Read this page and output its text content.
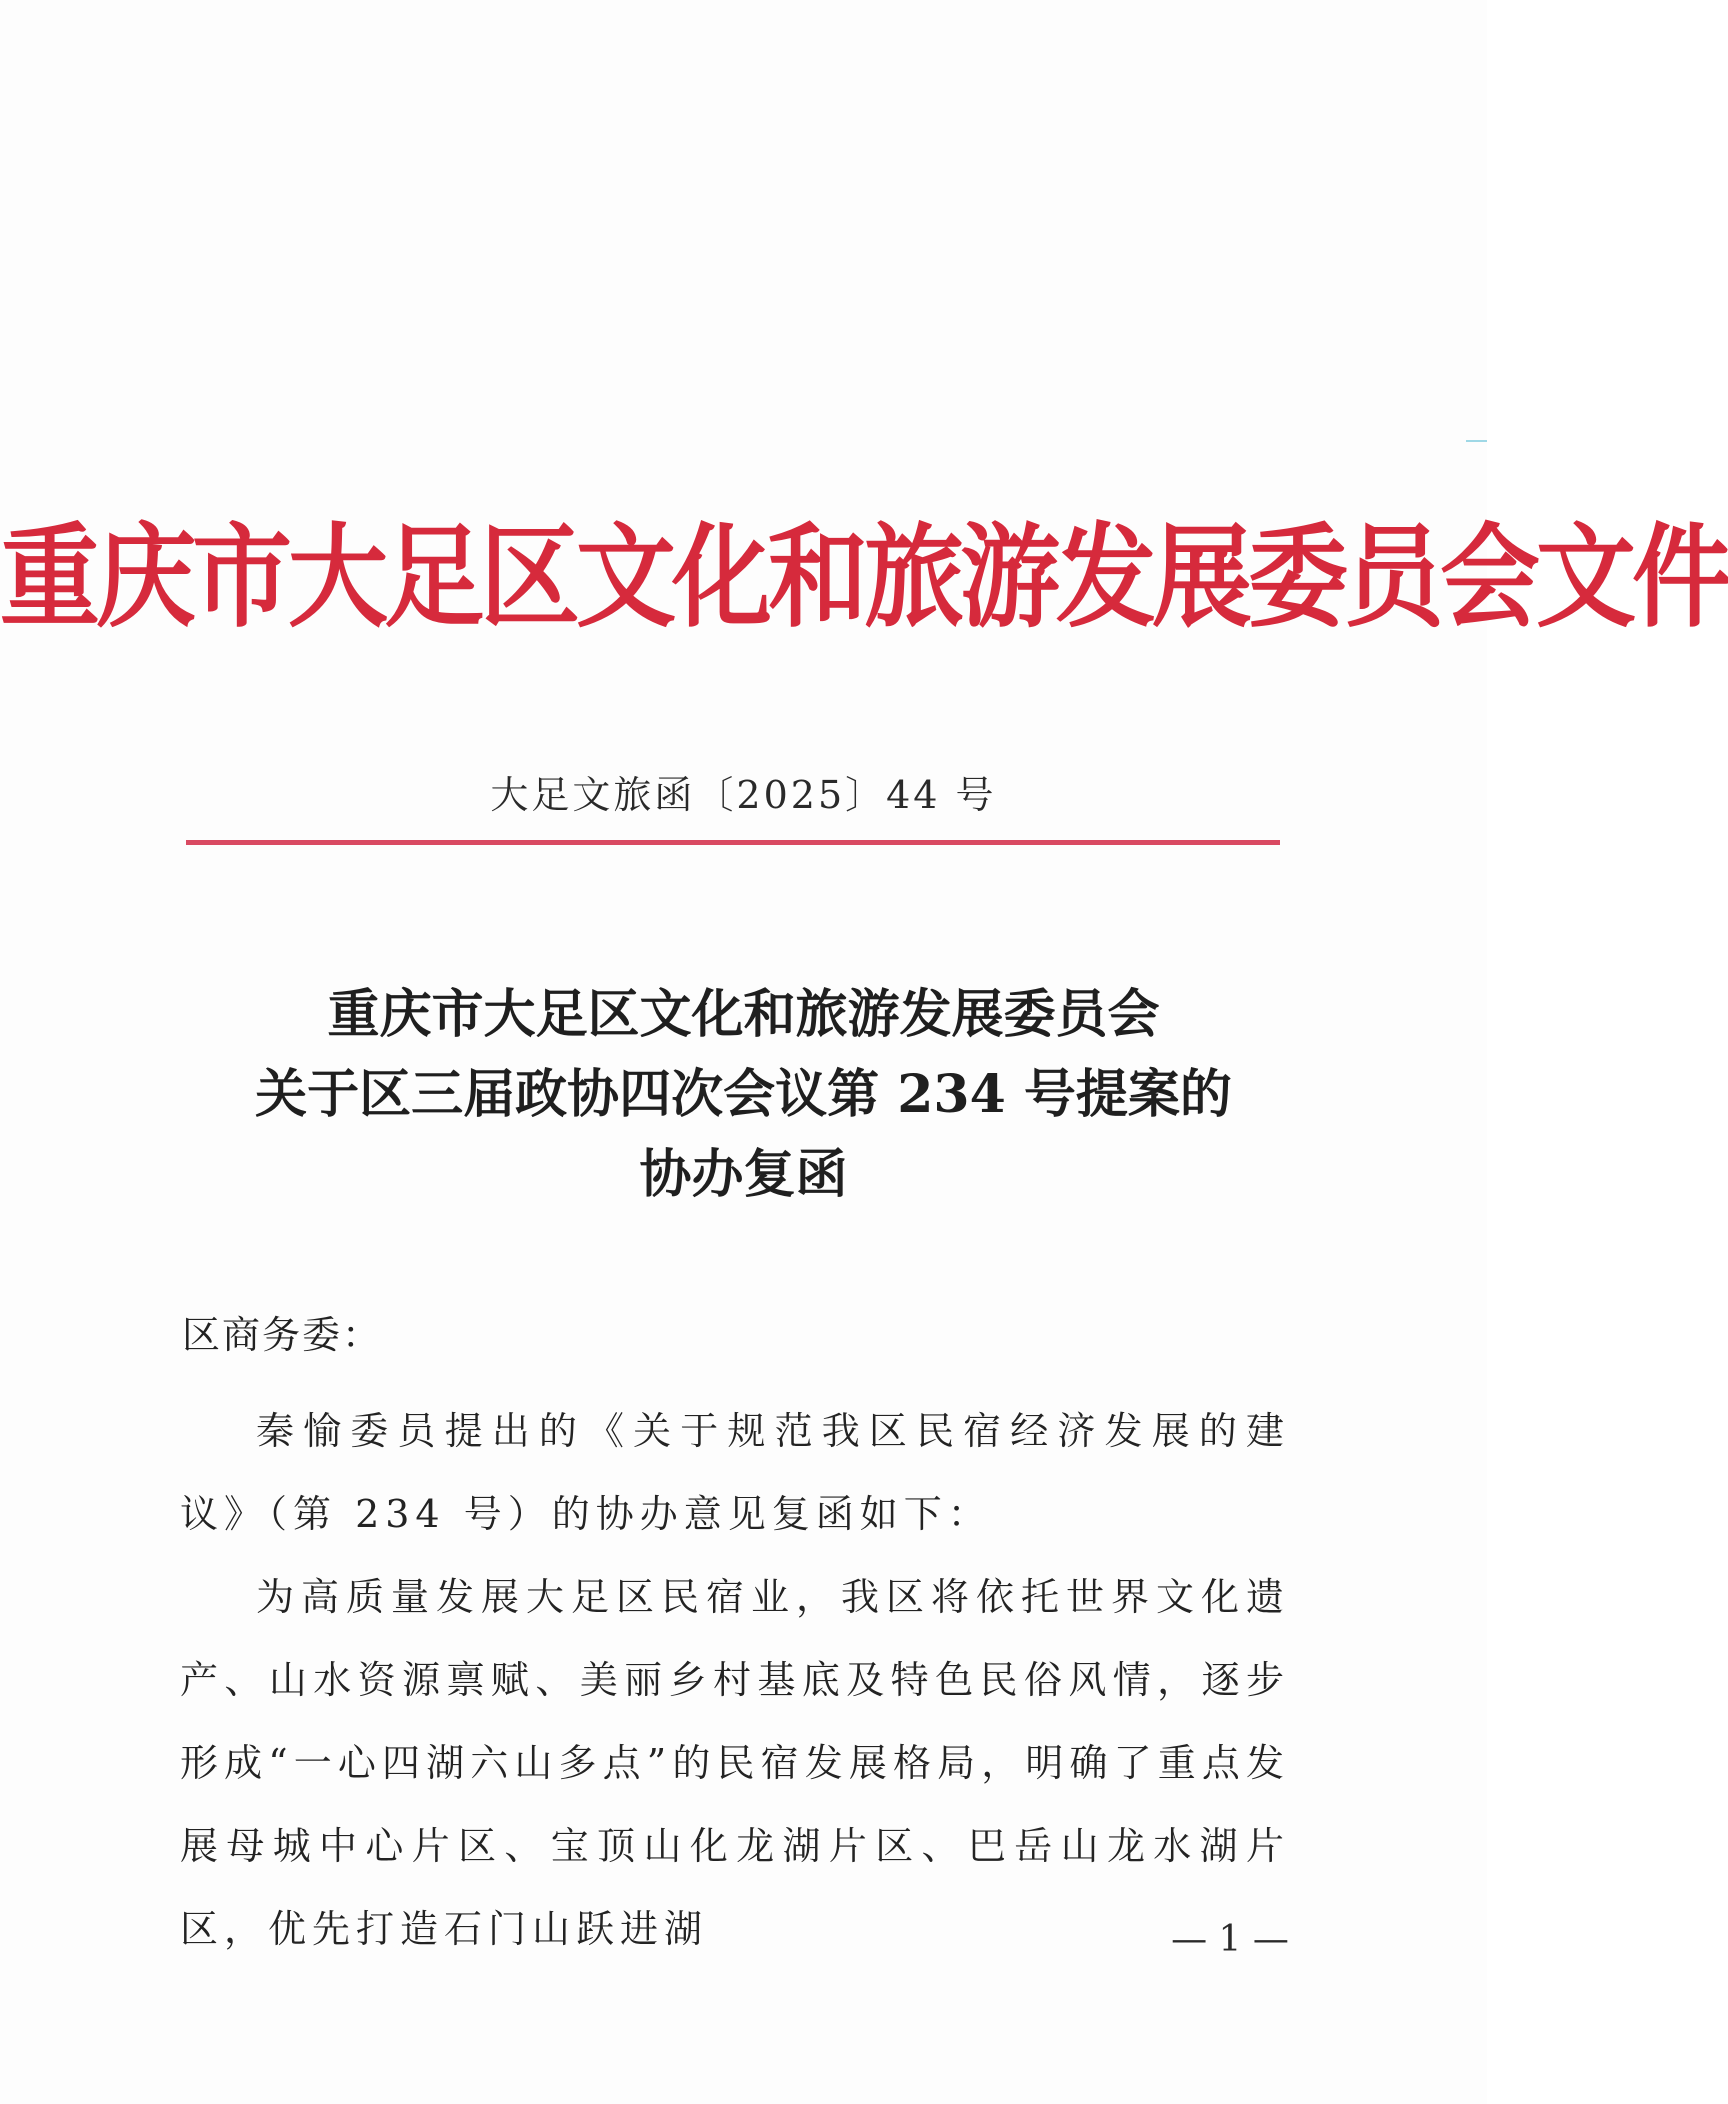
重庆市大足区文化和旅游发展委员会文件
大足文旅函〔2025〕44 号
重庆市大足区文化和旅游发展委员会
关于区三届政协四次会议第 234 号提案的
协办复函
区商务委：

秦愉委员提出的《关于规范我区民宿经济发展的建议》（第 234 号）的协办意见复函如下：

为高质量发展大足区民宿业，我区将依托世界文化遗产、山水资源禀赋、美丽乡村基底及特色民俗风情，逐步形成“一心四湖六山多点”的民宿发展格局，明确了重点发展母城中心片区、宝顶山化龙湖片区、巴岳山龙水湖片区，优先打造石门山跃进湖	— 1 —
